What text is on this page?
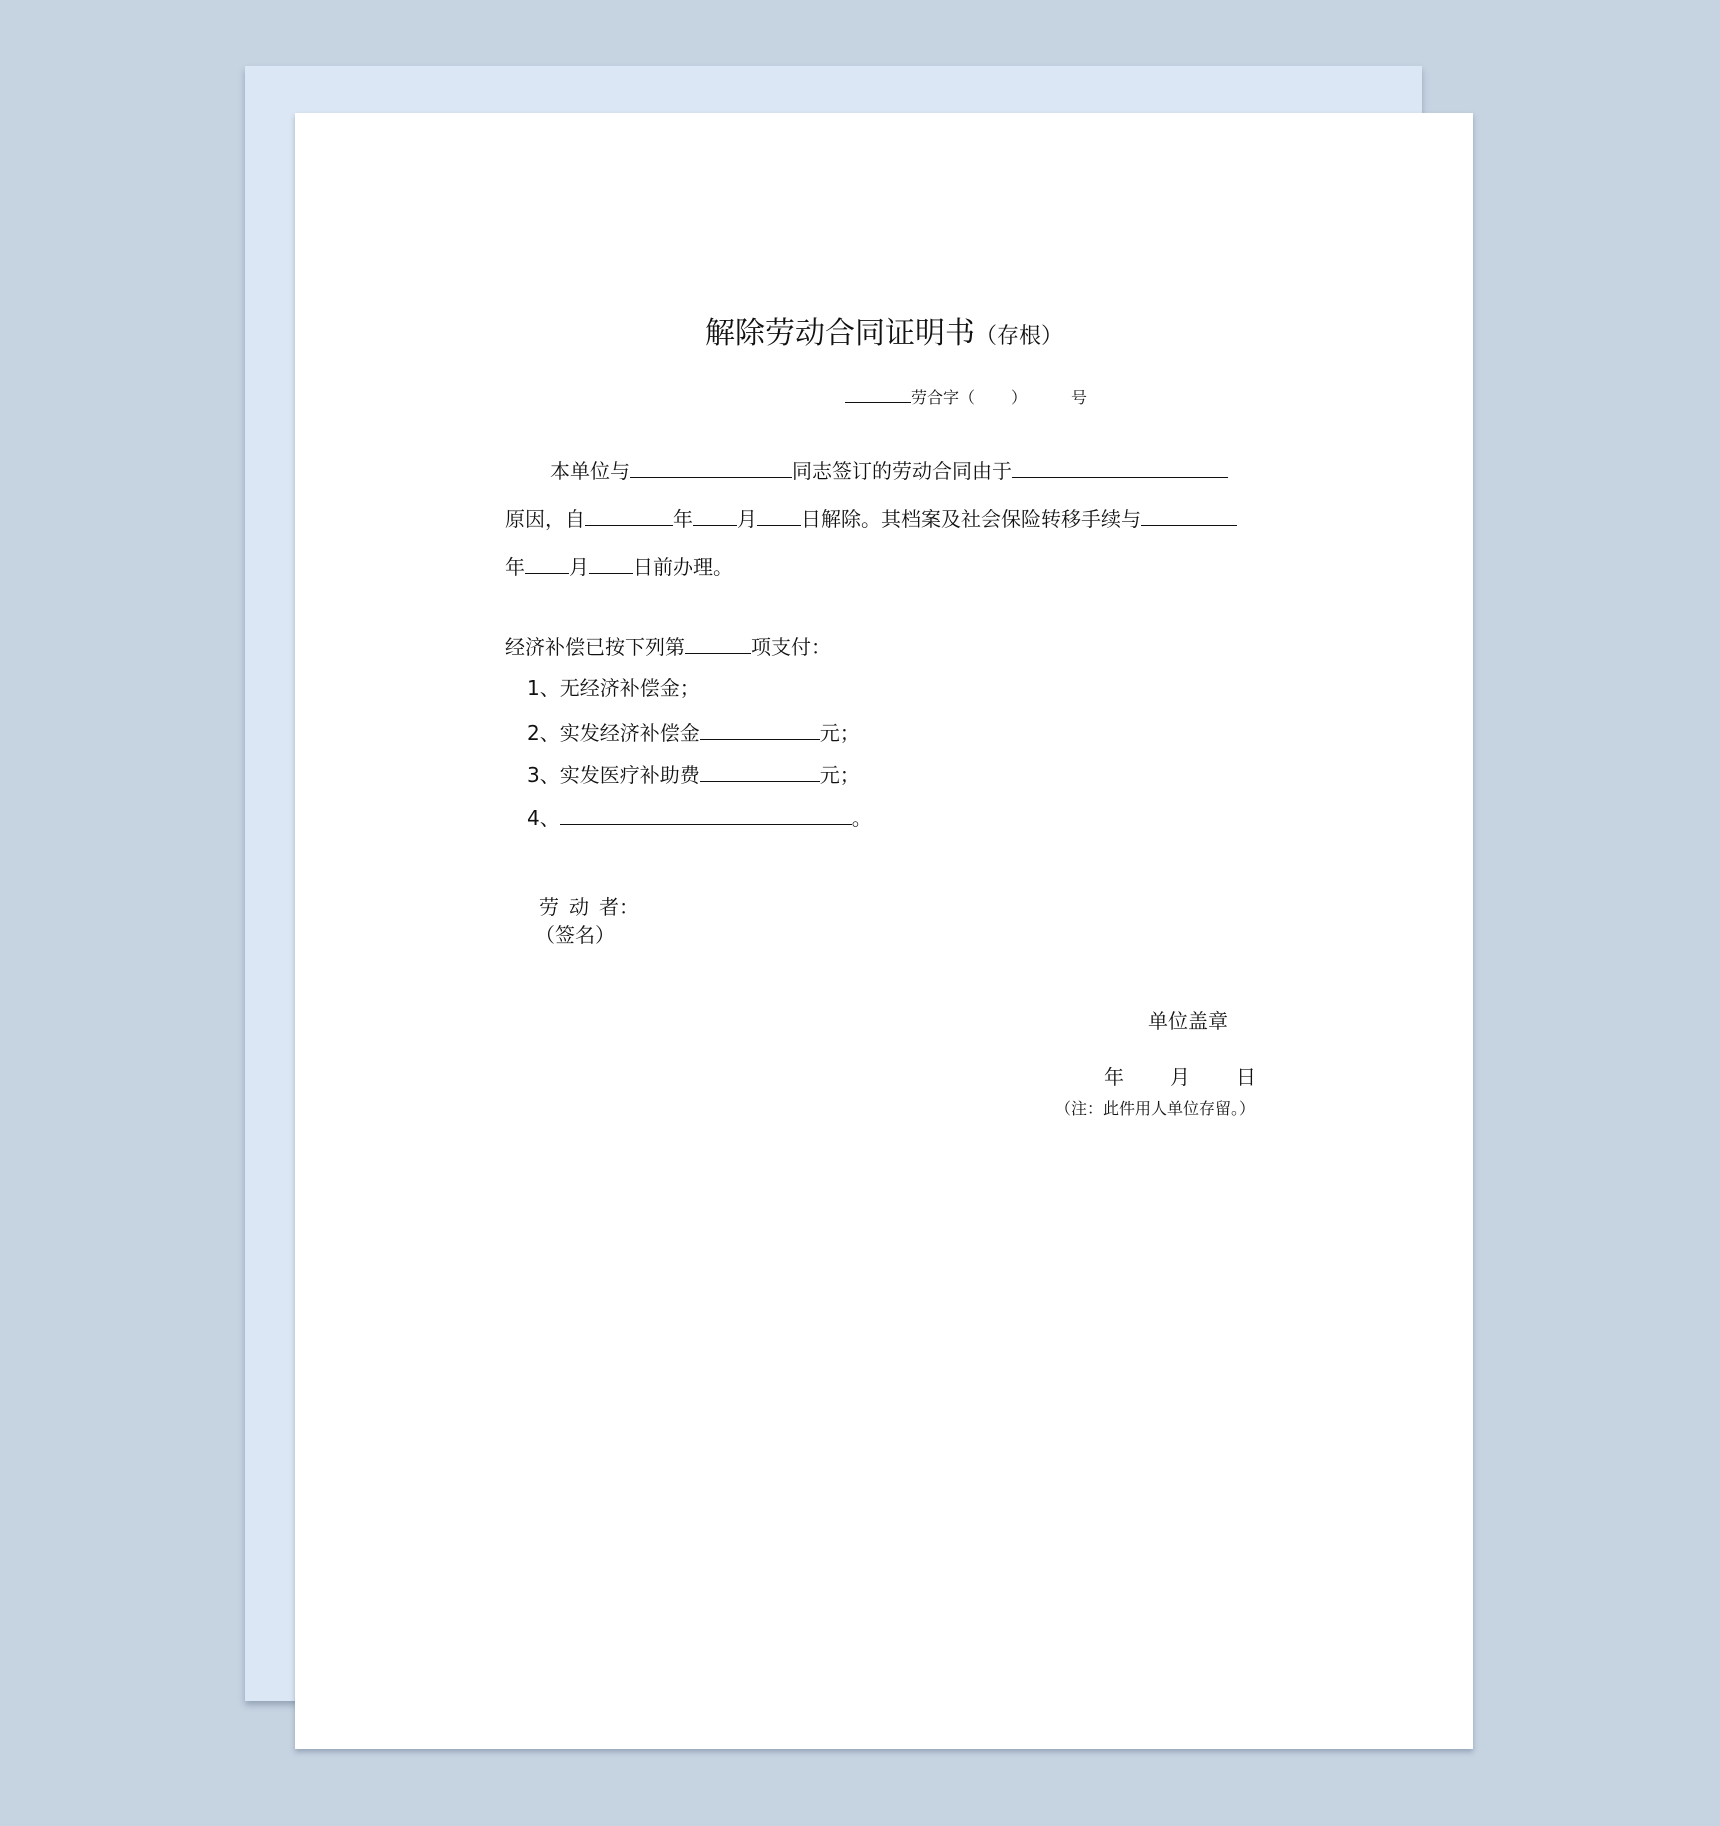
解除劳动合同证明书（存根）
劳合字（ ）	号
本单位与	同志签订的劳动合同由于
原因，自	年 月 日解除。其档案及社会保险转移手续与
年 月 日前办理。
经济补偿已按下列第	项支付：
1、无经济补偿金；
2、实发经济补偿金	元；
3、实发医疗补助费	元；
4、	。
劳 动 者：
（签名）
单位盖章
年 月 日
（注：此件用人单位存留。）
